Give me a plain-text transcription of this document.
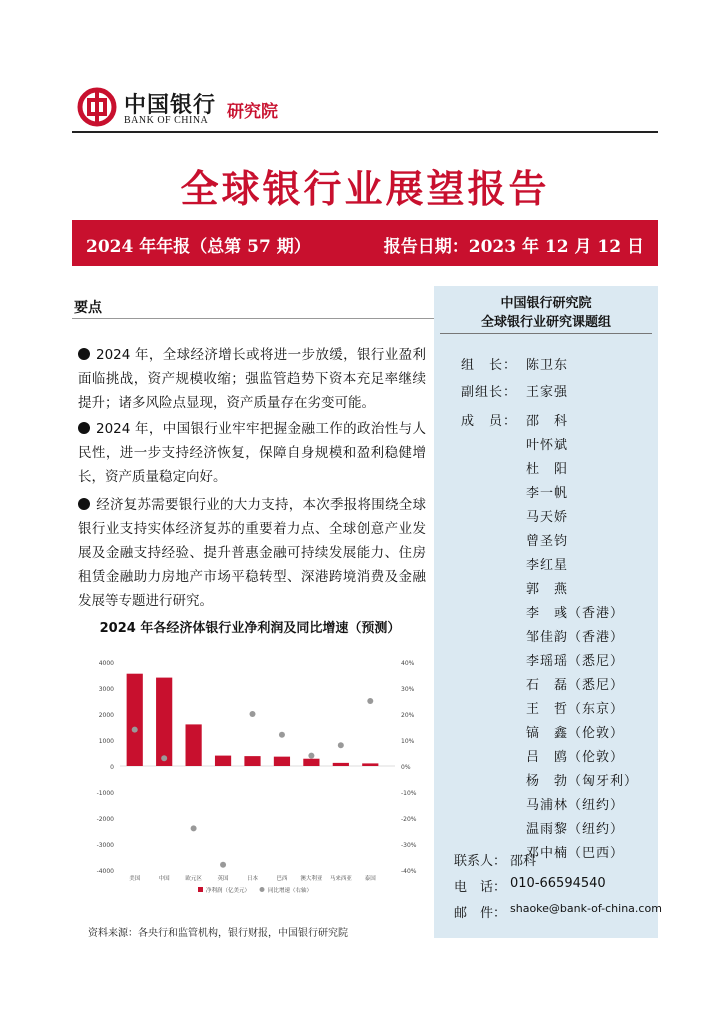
中国银行
BANK OF CHINA 研究院
全球银行业展望报告
2024 年年报（总第 57 期）	报告日期：2023 年 12 月 12 日
要点
2024 年，全球经济增长或将进一步放缓，银行业盈利面临挑战，资产规模收缩；强监管趋势下资本充足率继续提升；诸多风险点显现，资产质量存在劣变可能。
2024 年，中国银行业牢牢把握金融工作的政治性与人民性，进一步支持经济恢复，保障自身规模和盈利稳健增长，资产质量稳定向好。
经济复苏需要银行业的大力支持，本次季报将围绕全球银行业支持实体经济复苏的重要着力点、全球创意产业发展及金融支持经验、提升普惠金融可持续发展能力、住房租赁金融助力房地产市场平稳转型、深港跨境消费及金融发展等专题进行研究。
2024 年各经济体银行业净利润及同比增速（预测）
4000
3000
2000
1000
0
-1000
-2000
-3000
-4000
40%
30%
20%
10%
0%
-10%
-20%
-30%
-40%
美国	中国	欧元区	英国	日本	巴西 澳大利亚 马来西亚 泰国
净利润（亿美元）	同比增速（右轴）
资料来源：各央行和监管机构，银行财报，中国银行研究院
中国银行研究院
全球银行业研究课题组
组　长： 陈卫东
副组长： 王家强
成　员： 邵　科
叶怀斌
杜　阳
李一帆
马天娇
曾圣钧
李红星
郭　燕
李　彧（香港）
邹佳韵（香港）
李瑶瑶（悉尼）
石　磊（悉尼）
王　哲（东京）
镐　鑫（伦敦）
吕　鸥（伦敦）
杨　勃（匈牙利）
马浦林（纽约）
温雨黎（纽约）
邓中楠（巴西）
联系人： 邵科
电　话： 010-66594540
邮　件： shaoke@bank-of-china.com
